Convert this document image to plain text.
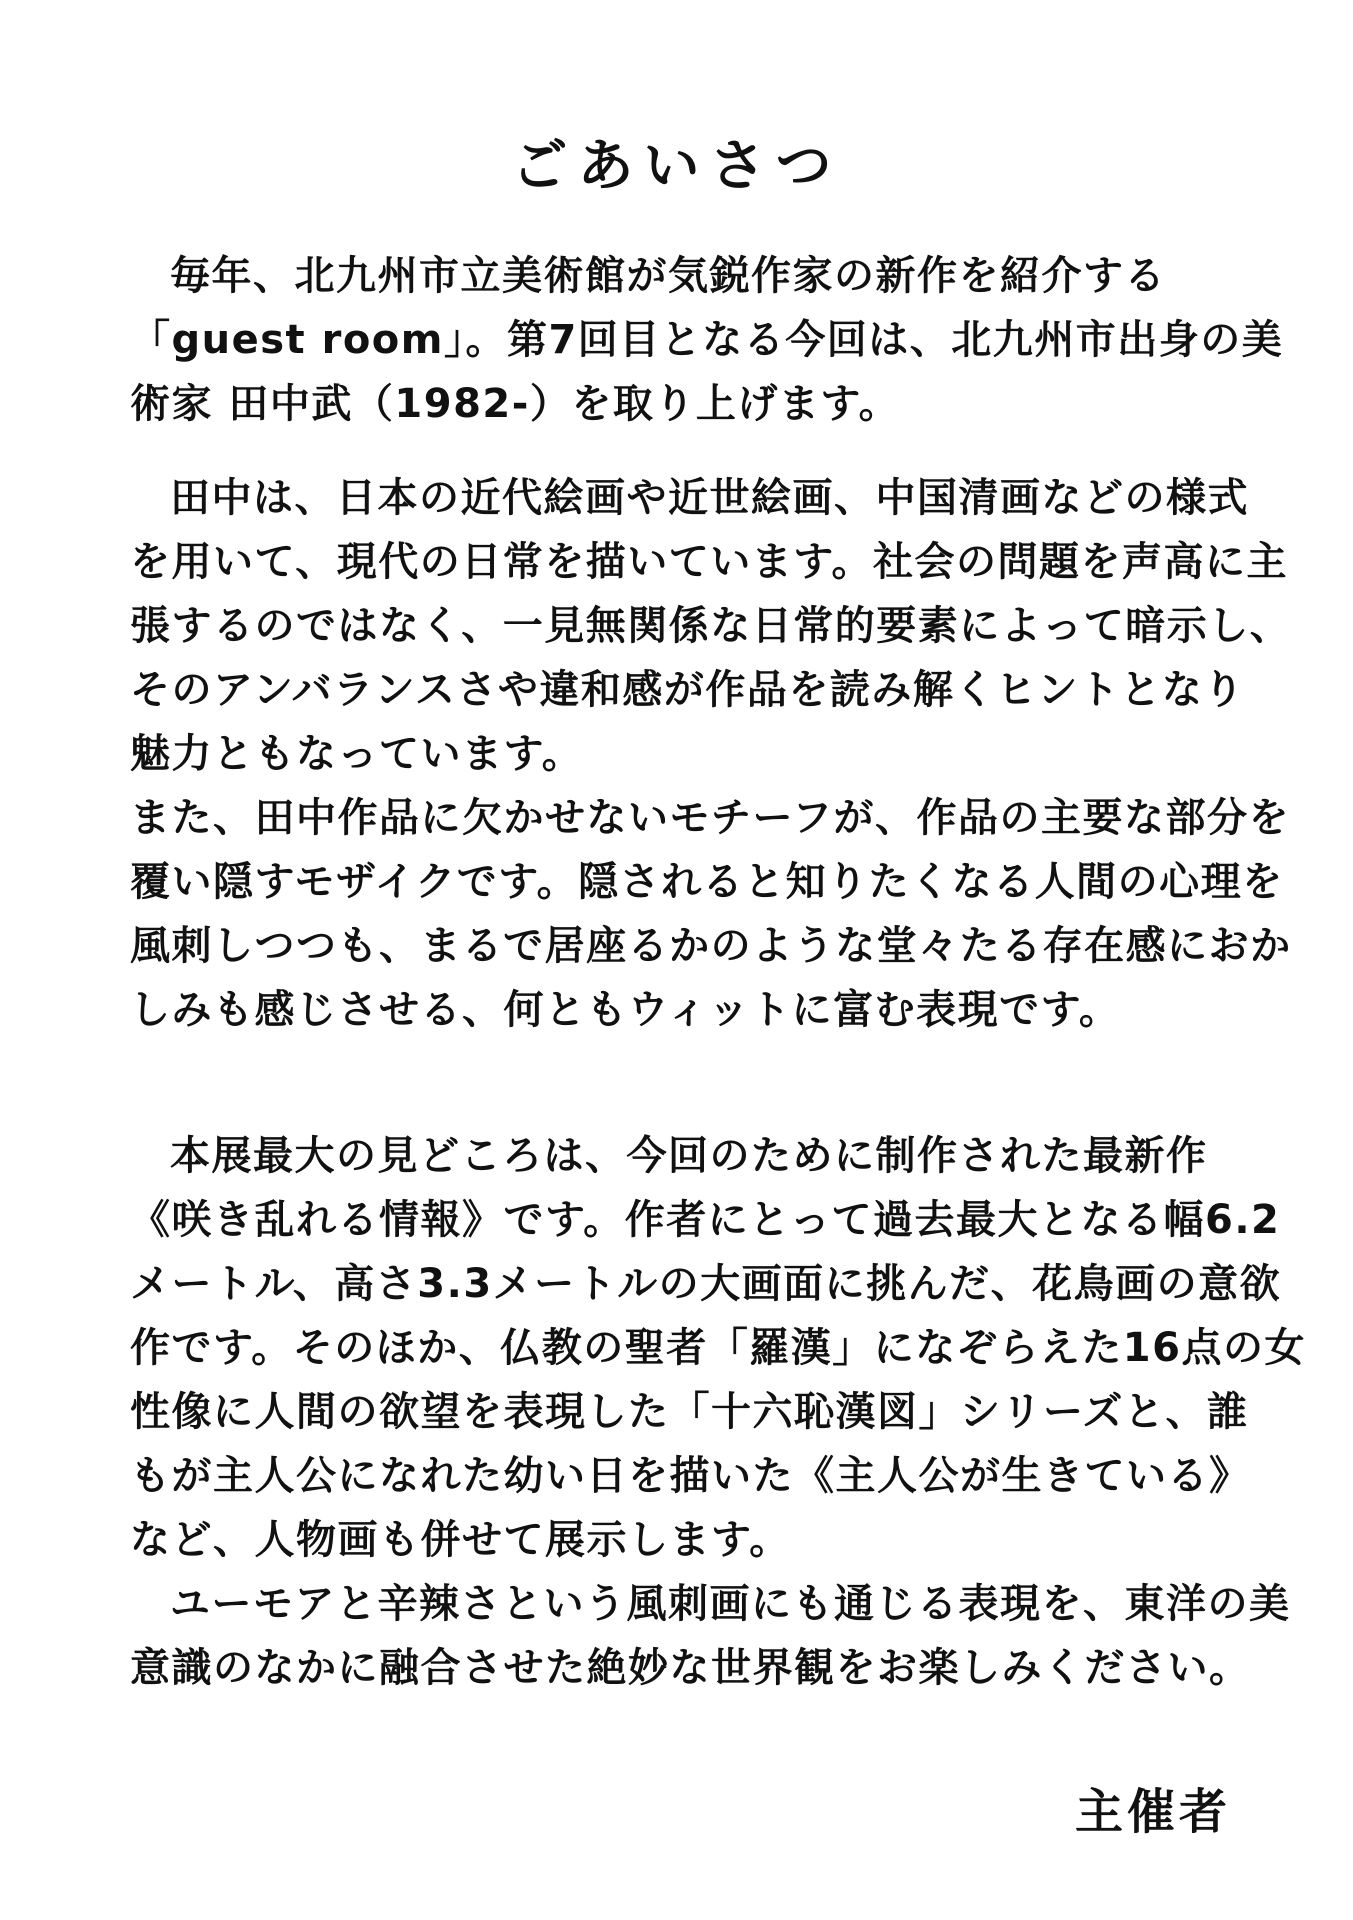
ごあいさつ

毎年、北九州市立美術館が気鋭作家の新作を紹介する
「guest room」。第7回目となる今回は、北九州市出身の美
術家 田中武（1982-）を取り上げます。

田中は、日本の近代絵画や近世絵画、中国清画などの様式
を用いて、現代の日常を描いています。社会の問題を声高に主
張するのではなく、一見無関係な日常的要素によって暗示し、
そのアンバランスさや違和感が作品を読み解くヒントとなり
魅力ともなっています。

また、田中作品に欠かせないモチーフが、作品の主要な部分を
覆い隠すモザイクです。隠されると知りたくなる人間の心理を
風刺しつつも、まるで居座るかのような堂々たる存在感におか
しみも感じさせる、何ともウィットに富む表現です。

本展最大の見どころは、今回のために制作された最新作
《咲き乱れる情報》です。作者にとって過去最大となる幅6.2
メートル、高さ3.3メートルの大画面に挑んだ、花鳥画の意欲
作です。そのほか、仏教の聖者「羅漢」になぞらえた16点の女
性像に人間の欲望を表現した「十六恥漢図」シリーズと、誰
もが主人公になれた幼い日を描いた《主人公が生きている》
など、人物画も併せて展示します。

ユーモアと辛辣さという風刺画にも通じる表現を、東洋の美
意識のなかに融合させた絶妙な世界観をお楽しみください。

主催者
